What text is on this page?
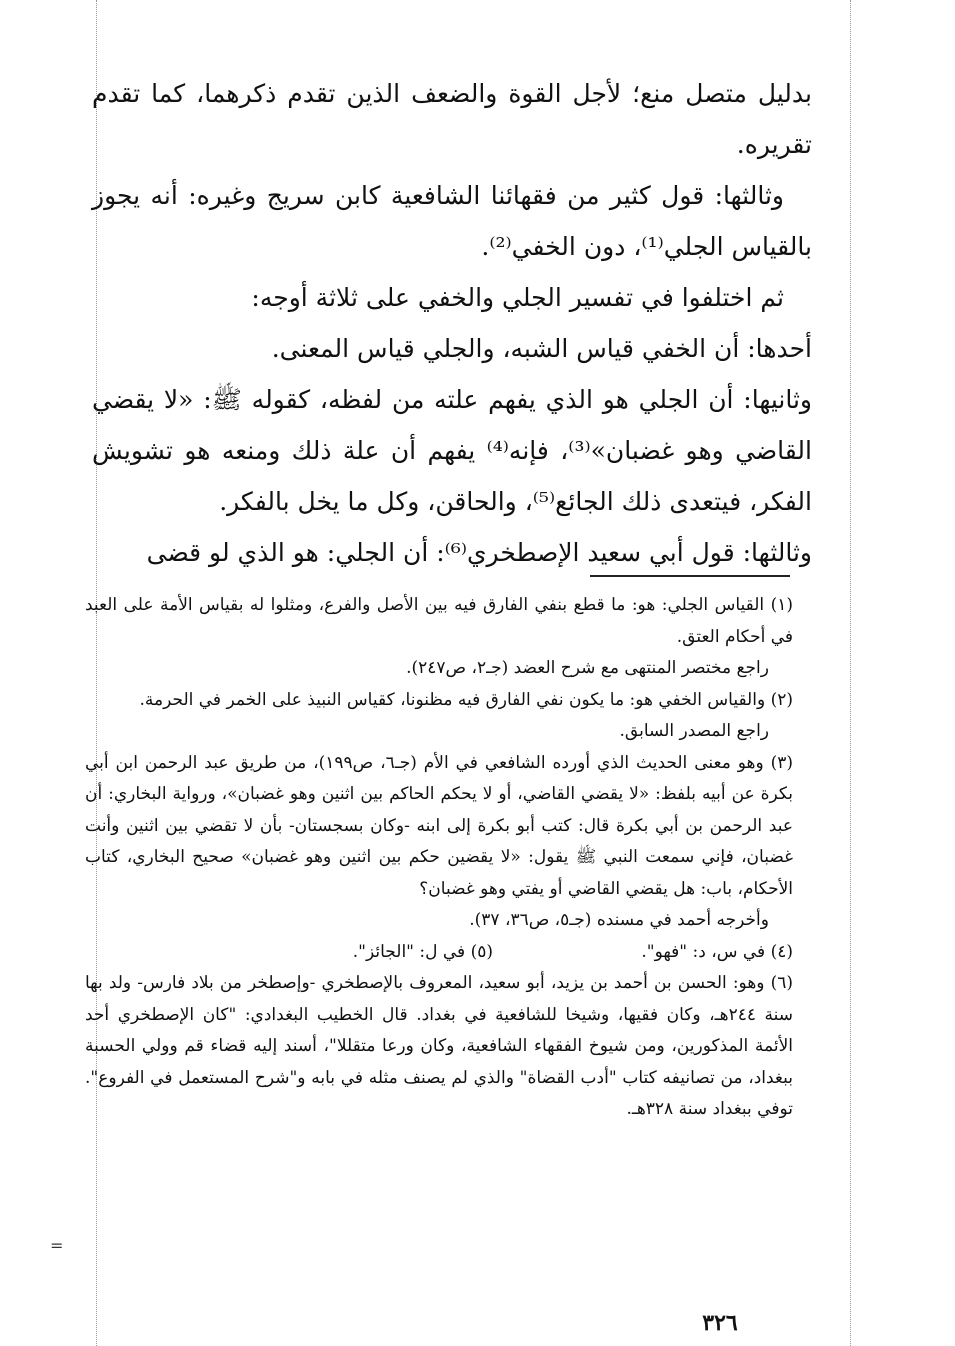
بدليل متصل منع؛ لأجل القوة والضعف الذين تقدم ذكرهما، كما تقدم تقريره.

وثالثها: قول كثير من فقهائنا الشافعية كابن سريج وغيره: أنه يجوز بالقياس الجلي⁽¹⁾، دون الخفي⁽²⁾.

ثم اختلفوا في تفسير الجلي والخفي على ثلاثة أوجه:

أحدها: أن الخفي قياس الشبه، والجلي قياس المعنى.

وثانيها: أن الجلي هو الذي يفهم علته من لفظه، كقوله ﷺ: «لا يقضي القاضي وهو غضبان»⁽³⁾، فإنه⁽⁴⁾ يفهم أن علة ذلك ومنعه هو تشويش الفكر، فيتعدى ذلك الجائع⁽⁵⁾، والحاقن، وكل ما يخل بالفكر.

وثالثها: قول أبي سعيد الإصطخري⁽⁶⁾: أن الجلي: هو الذي لو قضى

(١) القياس الجلي: هو: ما قطع بنفي الفارق فيه بين الأصل والفرع، ومثلوا له بقياس الأمة على العبد في أحكام العتق.

راجع مختصر المنتهى مع شرح العضد (جـ٢، ص٢٤٧).

(٢) والقياس الخفي هو: ما يكون نفي الفارق فيه مظنونا، كقياس النبيذ على الخمر في الحرمة.

راجع المصدر السابق.

(٣) وهو معنى الحديث الذي أورده الشافعي في الأم (جـ٦، ص١٩٩)، من طريق عبد الرحمن ابن أبي بكرة عن أبيه بلفظ: «لا يقضي القاضي، أو لا يحكم الحاكم بين اثنين وهو غضبان»، ورواية البخاري: أن عبد الرحمن بن أبي بكرة قال: كتب أبو بكرة إلى ابنه -وكان بسجستان- بأن لا تقضي بين اثنين وأنت غضبان، فإني سمعت النبي ﷺ يقول: «لا يقضين حكم بين اثنين وهو غضبان» صحيح البخاري، كتاب الأحكام، باب: هل يقضي القاضي أو يفتي وهو غضبان؟

وأخرجه أحمد في مسنده (جـ٥، ص٣٦، ٣٧).

(٤) في س، د: "فهو".
(٥) في ل: "الجائز".

(٦) وهو: الحسن بن أحمد بن يزيد، أبو سعيد، المعروف بالإصطخري -وإصطخر من بلاد فارس- ولد بها سنة ٢٤٤هـ، وكان فقيها، وشيخا للشافعية في بغداد. قال الخطيب البغدادي: "كان الإصطخري أحد الأئمة المذكورين، ومن شيوخ الفقهاء الشافعية، وكان ورعا متقللا"، أسند إليه قضاء قم وولي الحسبة ببغداد، من تصانيفه كتاب "أدب القضاة" والذي لم يصنف مثله في بابه و"شرح المستعمل في الفروع". توفي ببغداد سنة ٣٢٨هـ.

=
٣٢٦
